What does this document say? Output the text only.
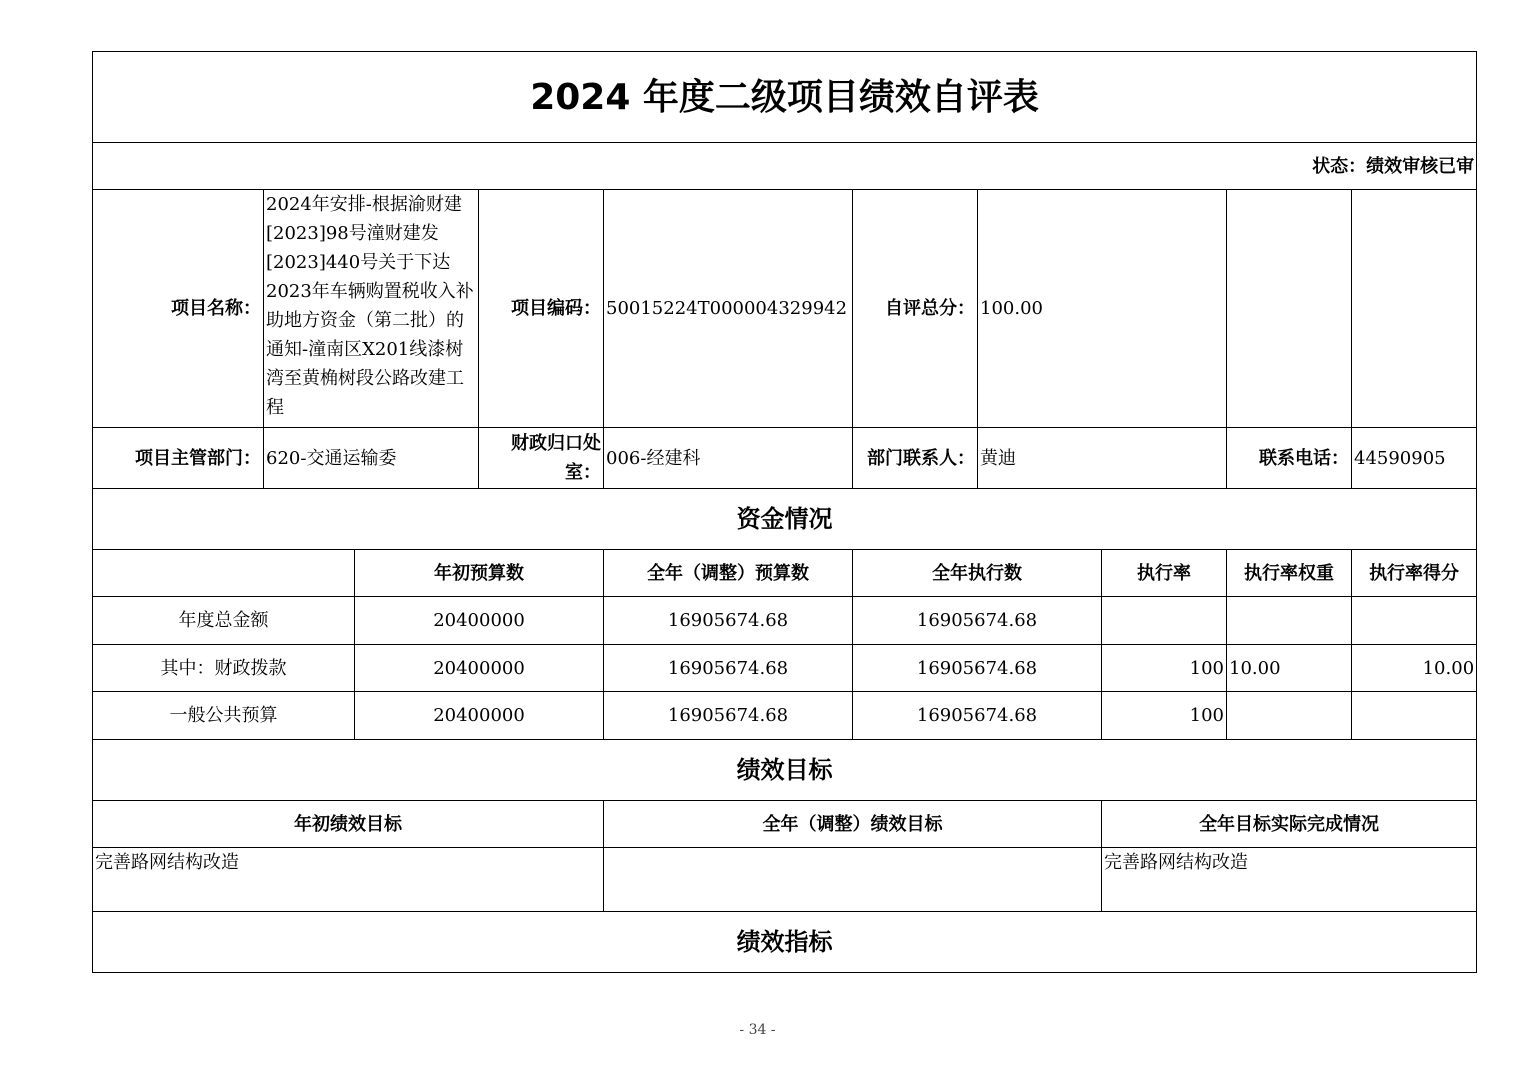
2024 年度二级项目绩效自评表									
状态：绩效审核已审									
项目名称：	2024年安排-根据渝财建[2023]98号潼财建发[2023]440号关于下达2023年车辆购置税收入补助地方资金（第二批）的通知-潼南区X201线漆树湾至黄桷树段公路改建工程		项目编码：	50015224T000004329942	自评总分：	100.00			
项目主管部门：	620-交通运输委		财政归口处室：	006-经建科	部门联系人：	黄迪		联系电话：	44590905
资金情况									
		年初预算数		全年（调整）预算数	全年执行数		执行率	执行率权重	执行率得分
年度总金额		20400000		16905674.68	16905674.68				
其中：财政拨款		20400000		16905674.68	16905674.68		100	10.00	10.00
一般公共预算		20400000		16905674.68	16905674.68		100		
绩效目标									
年初绩效目标				全年（调整）绩效目标			全年目标实际完成情况		
完善路网结构改造							完善路网结构改造		
绩效指标									
- 34 -
